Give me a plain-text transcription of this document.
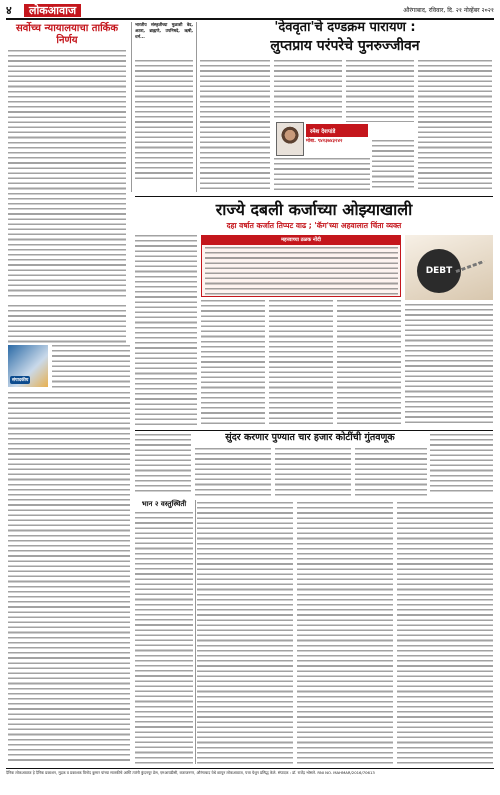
४	लोकआवाज	औरंगाबाद, रविवार, दि. २१ नोव्हेंबर २०२१
सर्वोच्च न्यायालयाचा तार्किक निर्णय
संपादकीय
भारतीय संस्कृतीच्या मुळाशी वेद, अठरा, ब्राह्मणे, उपनिषदे, ऋषी, धर्म...
'देववृता'चे दण्डक्रम पारायण :
लुप्तप्राय परंपरेचे पुनरुज्जीवन
रमेश देशपांडे
मोबा. ९४२३७४३२४२
राज्ये दबली कर्जाच्या ओझ्याखाली
दहा वर्षात कर्जात तिप्पट वाढ ; 'कॅग'च्या अहवालात चिंता व्यक्त
महत्त्वाच्या ठळक नोंदी
DEBT
सुंदर करणार पुण्यात चार हजार कोटींची गुंतवणूक
भान २ वस्तुस्थिती
दैनिक लोकआवाज हे दैनिक प्रकाशन, मुद्रक व प्रकाशक विनोद कुमार यांच्या मालकीचे आणि त्यांनी कुंदनपूर प्रेस, एमआयडीसी, बजाजनगर, औरंगाबाद येथे छापून लोकआवाज, पत्ता येथून प्रसिद्ध केले. संपादक : डॉ. राजेंद्र भोसले. RNI NO. MAHMAR/2016/70613
